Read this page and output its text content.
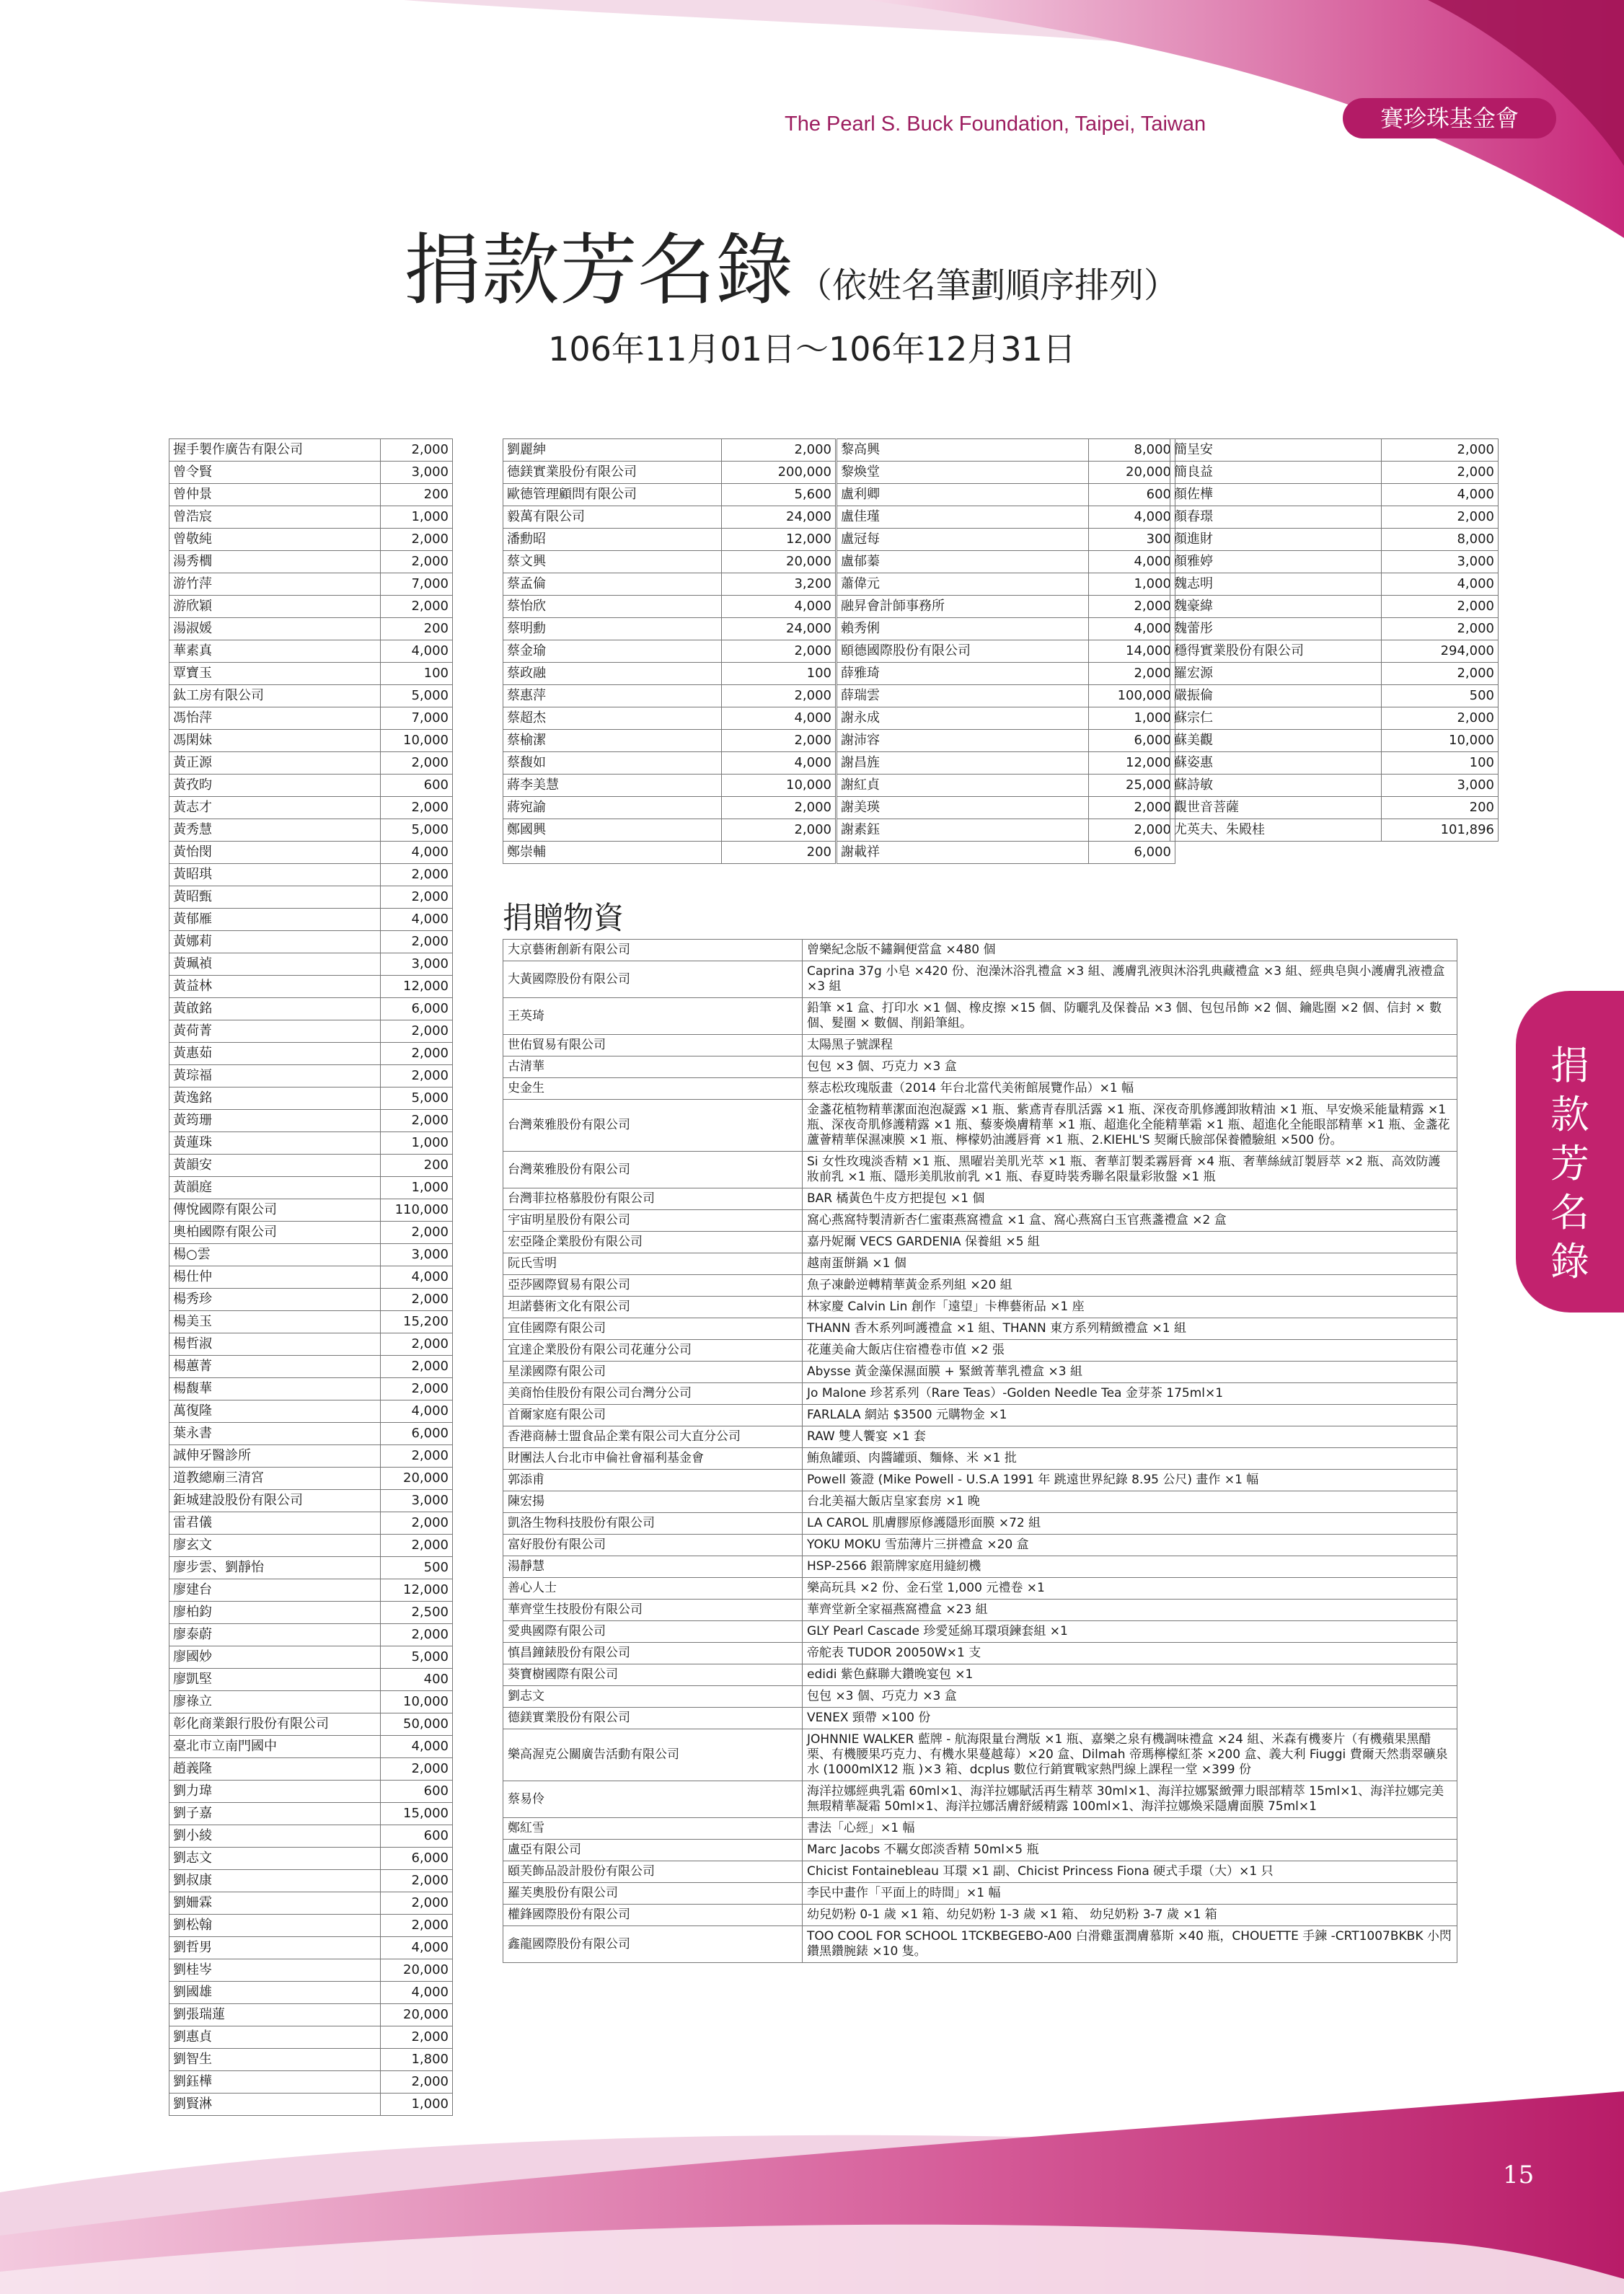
The Pearl S. Buck Foundation, Taipei, Taiwan	賽珍珠基金會
捐款芳名錄 （依姓名筆劃順序排列）
106年11月01日～106年12月31日
捐
款
芳
名
錄
15
握手製作廣告有限公司	2,000
曾令賢	3,000
曾仲景	200
曾浩宸	1,000
曾敬純	2,000
湯秀櫚	2,000
游竹萍	7,000
游欣穎	2,000
湯淑媛	200
華素真	4,000
覃寶玉	100
鈦工房有限公司	5,000
馮怡萍	7,000
馮閑妹	10,000
黃正源	2,000
黃孜昀	600
黃志才	2,000
黃秀慧	5,000
黃怡閔	4,000
黃昭琪	2,000
黃昭甄	2,000
黃郁雁	4,000
黃娜莉	2,000
黃珮禎	3,000
黃益林	12,000
黃啟銘	6,000
黃荷菁	2,000
黃惠茹	2,000
黃琮福	2,000
黃逸銘	5,000
黃筠珊	2,000
黃蓮珠	1,000
黃韻安	200
黃韻庭	1,000
傳悅國際有限公司	110,000
奧柏國際有限公司	2,000
楊○雲	3,000
楊仕仲	4,000
楊秀珍	2,000
楊美玉	15,200
楊哲淑	2,000
楊蕙菁	2,000
楊馥華	2,000
萬復隆	4,000
葉永書	6,000
誠伸牙醫診所	2,000
道教總廟三清宮	20,000
鉅城建設股份有限公司	3,000
雷君儀	2,000
廖玄文	2,000
廖步雲、劉靜怡	500
廖建台	12,000
廖柏鈞	2,500
廖泰蔚	2,000
廖國妙	5,000
廖凱堅	400
廖祿立	10,000
彰化商業銀行股份有限公司	50,000
臺北市立南門國中	4,000
趙義隆	2,000
劉力瑋	600
劉子嘉	15,000
劉小綾	600
劉志文	6,000
劉叔康	2,000
劉姍霖	2,000
劉松翰	2,000
劉哲男	4,000
劉桂岑	20,000
劉國雄	4,000
劉張瑞蓮	20,000
劉惠貞	2,000
劉智生	1,800
劉鈺樺	2,000
劉賢淋	1,000
劉麗紳	2,000
德鎂實業股份有限公司	200,000
歐德管理顧問有限公司	5,600
毅萬有限公司	24,000
潘勳昭	12,000
蔡文興	20,000
蔡孟倫	3,200
蔡怡欣	4,000
蔡明勳	24,000
蔡金瑜	2,000
蔡政融	100
蔡惠萍	2,000
蔡超杰	4,000
蔡榆潔	2,000
蔡馥如	4,000
蔣李美慧	10,000
蔣宛諭	2,000
鄭國興	2,000
鄭崇輔	200
黎高興	8,000
黎煥堂	20,000
盧利卿	600
盧佳瑾	4,000
盧冠每	300
盧郁蓁	4,000
蕭偉元	1,000
融昇會計師事務所	2,000
賴秀俐	4,000
頤德國際股份有限公司	14,000
薛雅琦	2,000
薛瑞雲	100,000
謝永成	1,000
謝沛容	6,000
謝昌旌	12,000
謝紅貞	25,000
謝美瑛	2,000
謝素鈺	2,000
謝載祥	6,000
簡呈安	2,000
簡良益	2,000
顏佐樺	4,000
顏春璟	2,000
顏進財	8,000
顏雅婷	3,000
魏志明	4,000
魏豪緯	2,000
魏蕾彤	2,000
穩得實業股份有限公司	294,000
羅宏源	2,000
嚴振倫	500
蘇宗仁	2,000
蘇美觀	10,000
蘇姿惠	100
蘇詩敏	3,000
觀世音菩薩	200
尤英夫、朱殿桂	101,896
捐贈物資
大京藝術創新有限公司	曾樂紀念版不鏽鋼便當盒 ×480 個
大黃國際股份有限公司	Caprina 37g 小皂 ×420 份、泡澡沐浴乳禮盒 ×3 組、護膚乳液與沐浴乳典藏禮盒 ×3 組、經典皂與小護膚乳液禮盒 ×3 組
王英琦	鉛筆 ×1 盒、打印水 ×1 個、橡皮擦 ×15 個、防曬乳及保養品 ×3 個、包包吊飾 ×2 個、鑰匙圈 ×2 個、信封 × 數個、髮圈 × 數個、削鉛筆組。
世佑貿易有限公司	太陽黑子號課程
古清華	包包 ×3 個、巧克力 ×3 盒
史金生	蔡志松玫瑰版畫（2014 年台北當代美術館展覽作品）×1 幅
台灣萊雅股份有限公司	金盞花植物精華潔面泡泡凝露 ×1 瓶、紫鳶青春肌活露 ×1 瓶、深夜奇肌修護卸妝精油 ×1 瓶、早安煥采能量精露 ×1 瓶、深夜奇肌修護精露 ×1 瓶、藜麥煥膚精華 ×1 瓶、超進化全能精華霜 ×1 瓶、超進化全能眼部精華 ×1 瓶、金盞花蘆薈精華保濕凍膜 ×1 瓶、檸檬奶油護唇膏 ×1 瓶、2.KIEHL'S 契爾氏臉部保養體驗組 ×500 份。
台灣萊雅股份有限公司	Si 女性玫瑰淡香精 ×1 瓶、黑曜岩美肌光萃 ×1 瓶、奢華訂製柔霧唇膏 ×4 瓶、奢華絲絨訂製唇萃 ×2 瓶、高效防護妝前乳 ×1 瓶、隱形美肌妝前乳 ×1 瓶、春夏時裝秀聯名限量彩妝盤 ×1 瓶
台灣菲拉格慕股份有限公司	BAR 橘黃色牛皮方把提包 ×1 個
宇宙明星股份有限公司	窩心燕窩特製清新杏仁蜜棗燕窩禮盒 ×1 盒、窩心燕窩白玉官燕盞禮盒 ×2 盒
宏亞隆企業股份有限公司	嘉丹妮爾 VECS GARDENIA 保養組 ×5 組
阮氏雪明	越南蛋餅鍋 ×1 個
亞莎國際貿易有限公司	魚子凍齡逆轉精華黃金系列組 ×20 組
坦諾藝術文化有限公司	林家慶 Calvin Lin 創作「遠望」卡榫藝術品 ×1 座
宜佳國際有限公司	THANN 香木系列呵護禮盒 ×1 組、THANN 東方系列精緻禮盒 ×1 組
宜達企業股份有限公司花蓮分公司	花蓮美侖大飯店住宿禮卷市值 ×2 張
星漾國際有限公司	Abysse 黃金藻保濕面膜 + 緊緻菁華乳禮盒 ×3 組
美商怡佳股份有限公司台灣分公司	Jo Malone 珍茗系列（Rare Teas）-Golden Needle Tea 金芽茶 175ml×1
首爾家庭有限公司	FARLALA 網站 $3500 元購物金 ×1
香港商赫士盟食品企業有限公司大直分公司	RAW 雙人饗宴 ×1 套
財團法人台北市申倫社會福利基金會	鮪魚罐頭、肉醬罐頭、麵條、米 ×1 批
郭添甫	Powell 簽證 (Mike Powell - U.S.A 1991 年 跳遠世界紀錄 8.95 公尺) 畫作 ×1 幅
陳宏揚	台北美福大飯店皇家套房 ×1 晚
凱洛生物科技股份有限公司	LA CAROL 肌膚膠原修護隱形面膜 ×72 組
富好股份有限公司	YOKU MOKU 雪茄薄片三拼禮盒 ×20 盒
湯靜慧	HSP-2566 銀箭牌家庭用縫紉機
善心人士	樂高玩具 ×2 份、金石堂 1,000 元禮卷 ×1
華齊堂生技股份有限公司	華齊堂新全家福燕窩禮盒 ×23 組
愛典國際有限公司	GLY Pearl Cascade 珍愛延綿耳環項鍊套組 ×1
慎昌鐘錶股份有限公司	帝舵表 TUDOR 20050W×1 支
葵寶樹國際有限公司	edidi 紫色蘇聯大鑽晚宴包 ×1
劉志文	包包 ×3 個、巧克力 ×3 盒
德鎂實業股份有限公司	VENEX 頸帶 ×100 份
樂高渥克公關廣告活動有限公司	JOHNNIE WALKER 藍牌 - 航海限量台灣版 ×1 瓶、嘉樂之泉有機調味禮盒 ×24 組、米森有機麥片（有機蘋果黑醋栗、有機腰果巧克力、有機水果蔓越莓）×20 盒、Dilmah 帝瑪檸檬紅茶 ×200 盒、義大利 Fiuggi 費爾天然翡翠礦泉水 (1000mlX12 瓶 )×3 箱、dcplus 數位行銷實戰家熱門線上課程一堂 ×399 份
蔡易伶	海洋拉娜經典乳霜 60ml×1、海洋拉娜賦活再生精萃 30ml×1、海洋拉娜緊緻彈力眼部精萃 15ml×1、海洋拉娜完美無瑕精華凝霜 50ml×1、海洋拉娜活膚舒緩精露 100ml×1、海洋拉娜煥采隱膚面膜 75ml×1
鄭紅雪	書法「心經」×1 幅
盧亞有限公司	Marc Jacobs 不羈女郎淡香精 50ml×5 瓶
頤芙飾品設計股份有限公司	Chicist Fontainebleau 耳環 ×1 副、Chicist Princess Fiona 硬式手環（大）×1 只
羅芙奧股份有限公司	李民中畫作「平面上的時間」×1 幅
權鋒國際股份有限公司	幼兒奶粉 0-1 歲 ×1 箱、幼兒奶粉 1-3 歲 ×1 箱、 幼兒奶粉 3-7 歲 ×1 箱
鑫龍國際股份有限公司	TOO COOL FOR SCHOOL 1TCKBEGEBO-A00 白滑雞蛋潤膚慕斯 ×40 瓶，CHOUETTE 手鍊 -CRT1007BKBK 小閃鑽黑鑽腕錶 ×10 隻。
